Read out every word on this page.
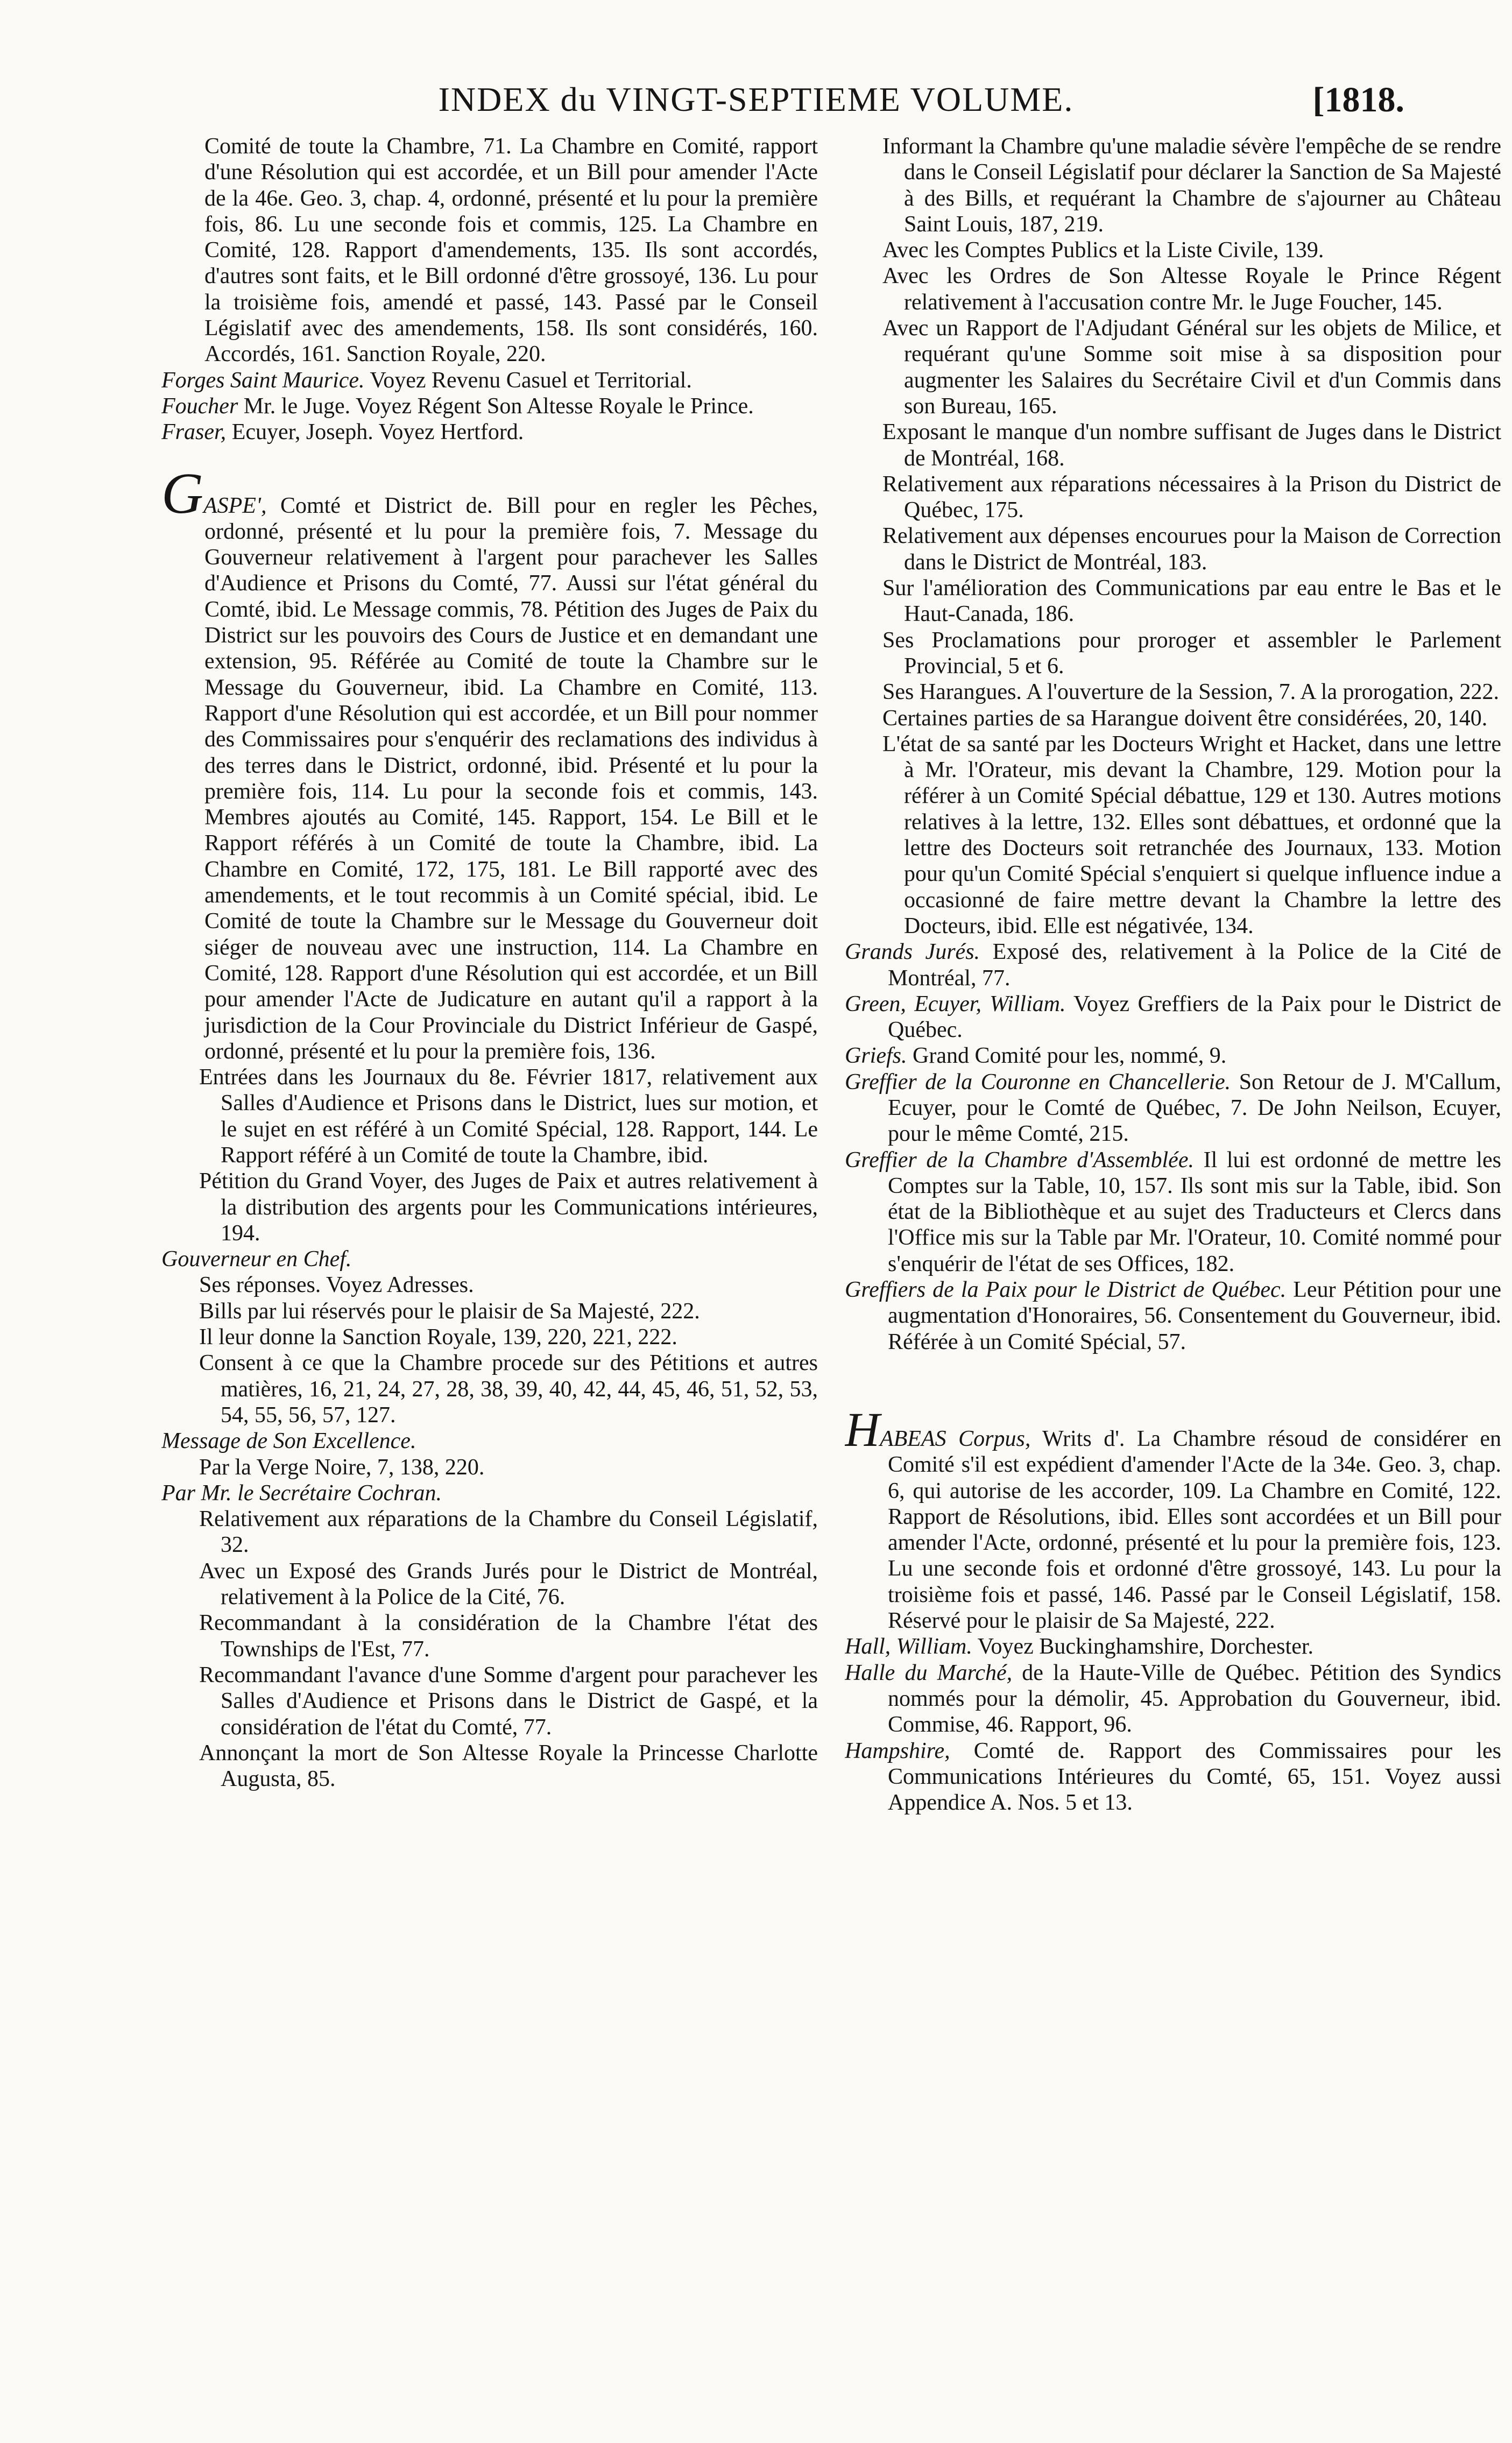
INDEX du VINGT-SEPTIEME VOLUME.	[1818.

Comité de toute la Chambre, 71. La Chambre en Comité, rapport d'une Résolution qui est accordée, et un Bill pour amender l'Acte de la 46e. Geo. 3, chap. 4, ordonné, présenté et lu pour la première fois, 86. Lu une seconde fois et commis, 125. La Chambre en Comité, 128. Rapport d'amendements, 135. Ils sont accordés, d'autres sont faits, et le Bill ordonné d'être grossoyé, 136. Lu pour la troisième fois, amendé et passé, 143. Passé par le Conseil Législatif avec des amendements, 158. Ils sont considérés, 160. Accordés, 161. Sanction Royale, 220.

Forges Saint Maurice. Voyez Revenu Casuel et Territorial.

Foucher Mr. le Juge. Voyez Régent Son Altesse Royale le Prince.

Fraser, Ecuyer, Joseph. Voyez Hertford.

GASPE', Comté et District de. Bill pour en regler les Pêches, ordonné, présenté et lu pour la première fois, 7. Message du Gouverneur relativement à l'argent pour parachever les Salles d'Audience et Prisons du Comté, 77. Aussi sur l'état général du Comté, ibid. Le Message commis, 78. Pétition des Juges de Paix du District sur les pouvoirs des Cours de Justice et en demandant une extension, 95. Référée au Comité de toute la Chambre sur le Message du Gouverneur, ibid. La Chambre en Comité, 113. Rapport d'une Résolution qui est accordée, et un Bill pour nommer des Commissaires pour s'enquérir des reclamations des individus à des terres dans le District, ordonné, ibid. Présenté et lu pour la première fois, 114. Lu pour la seconde fois et commis, 143. Membres ajoutés au Comité, 145. Rapport, 154. Le Bill et le Rapport référés à un Comité de toute la Chambre, ibid. La Chambre en Comité, 172, 175, 181. Le Bill rapporté avec des amendements, et le tout recommis à un Comité spécial, ibid. Le Comité de toute la Chambre sur le Message du Gouverneur doit siéger de nouveau avec une instruction, 114. La Chambre en Comité, 128. Rapport d'une Résolution qui est accordée, et un Bill pour amender l'Acte de Judicature en autant qu'il a rapport à la jurisdiction de la Cour Provinciale du District Inférieur de Gaspé, ordonné, présenté et lu pour la première fois, 136.

Entrées dans les Journaux du 8e. Février 1817, relativement aux Salles d'Audience et Prisons dans le District, lues sur motion, et le sujet en est référé à un Comité Spécial, 128. Rapport, 144. Le Rapport référé à un Comité de toute la Chambre, ibid.

Pétition du Grand Voyer, des Juges de Paix et autres relativement à la distribution des argents pour les Communications intérieures, 194.

Gouverneur en Chef.

Ses réponses. Voyez Adresses.

Bills par lui réservés pour le plaisir de Sa Majesté, 222.

Il leur donne la Sanction Royale, 139, 220, 221, 222.

Consent à ce que la Chambre procede sur des Pétitions et autres matières, 16, 21, 24, 27, 28, 38, 39, 40, 42, 44, 45, 46, 51, 52, 53, 54, 55, 56, 57, 127.

Message de Son Excellence.

Par la Verge Noire, 7, 138, 220.

Par Mr. le Secrétaire Cochran.

Relativement aux réparations de la Chambre du Conseil Législatif, 32.

Avec un Exposé des Grands Jurés pour le District de Montréal, relativement à la Police de la Cité, 76.

Recommandant à la considération de la Chambre l'état des Townships de l'Est, 77.

Recommandant l'avance d'une Somme d'argent pour parachever les Salles d'Audience et Prisons dans le District de Gaspé, et la considération de l'état du Comté, 77.

Annonçant la mort de Son Altesse Royale la Princesse Charlotte Augusta, 85.

Informant la Chambre qu'une maladie sévère l'empêche de se rendre dans le Conseil Législatif pour déclarer la Sanction de Sa Majesté à des Bills, et requérant la Chambre de s'ajourner au Château Saint Louis, 187, 219.

Avec les Comptes Publics et la Liste Civile, 139.

Avec les Ordres de Son Altesse Royale le Prince Régent relativement à l'accusation contre Mr. le Juge Foucher, 145.

Avec un Rapport de l'Adjudant Général sur les objets de Milice, et requérant qu'une Somme soit mise à sa disposition pour augmenter les Salaires du Secrétaire Civil et d'un Commis dans son Bureau, 165.

Exposant le manque d'un nombre suffisant de Juges dans le District de Montréal, 168.

Relativement aux réparations nécessaires à la Prison du District de Québec, 175.

Relativement aux dépenses encourues pour la Maison de Correction dans le District de Montréal, 183.

Sur l'amélioration des Communications par eau entre le Bas et le Haut-Canada, 186.

Ses Proclamations pour proroger et assembler le Parlement Provincial, 5 et 6.

Ses Harangues. A l'ouverture de la Session, 7. A la prorogation, 222.

Certaines parties de sa Harangue doivent être considérées, 20, 140.

L'état de sa santé par les Docteurs Wright et Hacket, dans une lettre à Mr. l'Orateur, mis devant la Chambre, 129. Motion pour la référer à un Comité Spécial débattue, 129 et 130. Autres motions relatives à la lettre, 132. Elles sont débattues, et ordonné que la lettre des Docteurs soit retranchée des Journaux, 133. Motion pour qu'un Comité Spécial s'enquiert si quelque influence indue a occasionné de faire mettre devant la Chambre la lettre des Docteurs, ibid. Elle est négativée, 134.

Grands Jurés. Exposé des, relativement à la Police de la Cité de Montréal, 77.

Green, Ecuyer, William. Voyez Greffiers de la Paix pour le District de Québec.

Griefs. Grand Comité pour les, nommé, 9.

Greffier de la Couronne en Chancellerie. Son Retour de J. M'Callum, Ecuyer, pour le Comté de Québec, 7. De John Neilson, Ecuyer, pour le même Comté, 215.

Greffier de la Chambre d'Assemblée. Il lui est ordonné de mettre les Comptes sur la Table, 10, 157. Ils sont mis sur la Table, ibid. Son état de la Bibliothèque et au sujet des Traducteurs et Clercs dans l'Office mis sur la Table par Mr. l'Orateur, 10. Comité nommé pour s'enquérir de l'état de ses Offices, 182.

Greffiers de la Paix pour le District de Québec. Leur Pétition pour une augmentation d'Honoraires, 56. Consentement du Gouverneur, ibid. Référée à un Comité Spécial, 57.

HABEAS Corpus, Writs d'. La Chambre résoud de considérer en Comité s'il est expédient d'amender l'Acte de la 34e. Geo. 3, chap. 6, qui autorise de les accorder, 109. La Chambre en Comité, 122. Rapport de Résolutions, ibid. Elles sont accordées et un Bill pour amender l'Acte, ordonné, présenté et lu pour la première fois, 123. Lu une seconde fois et ordonné d'être grossoyé, 143. Lu pour la troisième fois et passé, 146. Passé par le Conseil Législatif, 158. Réservé pour le plaisir de Sa Majesté, 222.

Hall, William. Voyez Buckinghamshire, Dorchester.

Halle du Marché, de la Haute-Ville de Québec. Pétition des Syndics nommés pour la démolir, 45. Approbation du Gouverneur, ibid. Commise, 46. Rapport, 96.

Hampshire, Comté de. Rapport des Commissaires pour les Communications Intérieures du Comté, 65, 151. Voyez aussi Appendice A. Nos. 5 et 13.
